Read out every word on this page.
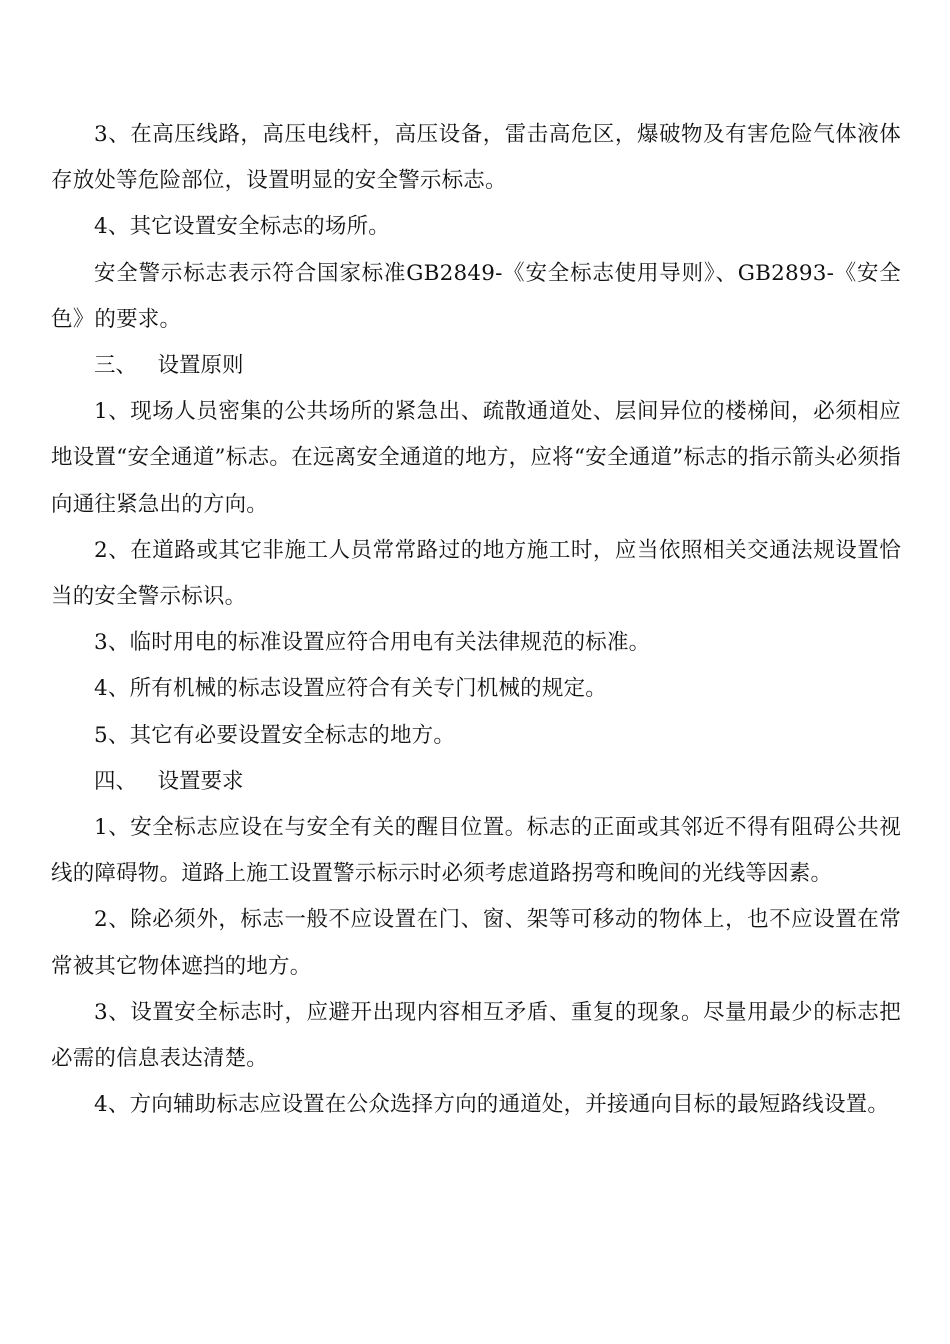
3、在高压线路，高压电线杆，高压设备，雷击高危区，爆破物及有害危险气体液体存放处等危险部位，设置明显的安全警示标志。

4、其它设置安全标志的场所。

安全警示标志表示符合国家标准GB2849-《安全标志使用导则》、GB2893-《安全色》的要求。

三、   设置原则

1、现场人员密集的公共场所的紧急出、疏散通道处、层间异位的楼梯间，必须相应地设置“安全通道”标志。在远离安全通道的地方，应将“安全通道”标志的指示箭头必须指向通往紧急出的方向。

2、在道路或其它非施工人员常常路过的地方施工时，应当依照相关交通法规设置恰当的安全警示标识。

3、临时用电的标准设置应符合用电有关法律规范的标准。

4、所有机械的标志设置应符合有关专门机械的规定。

5、其它有必要设置安全标志的地方。

四、   设置要求

1、安全标志应设在与安全有关的醒目位置。标志的正面或其邻近不得有阻碍公共视线的障碍物。道路上施工设置警示标示时必须考虑道路拐弯和晚间的光线等因素。

2、除必须外，标志一般不应设置在门、窗、架等可移动的物体上，也不应设置在常常被其它物体遮挡的地方。

3、设置安全标志时，应避开出现内容相互矛盾、重复的现象。尽量用最少的标志把必需的信息表达清楚。

4、方向辅助标志应设置在公众选择方向的通道处，并接通向目标的最短路线设置。
